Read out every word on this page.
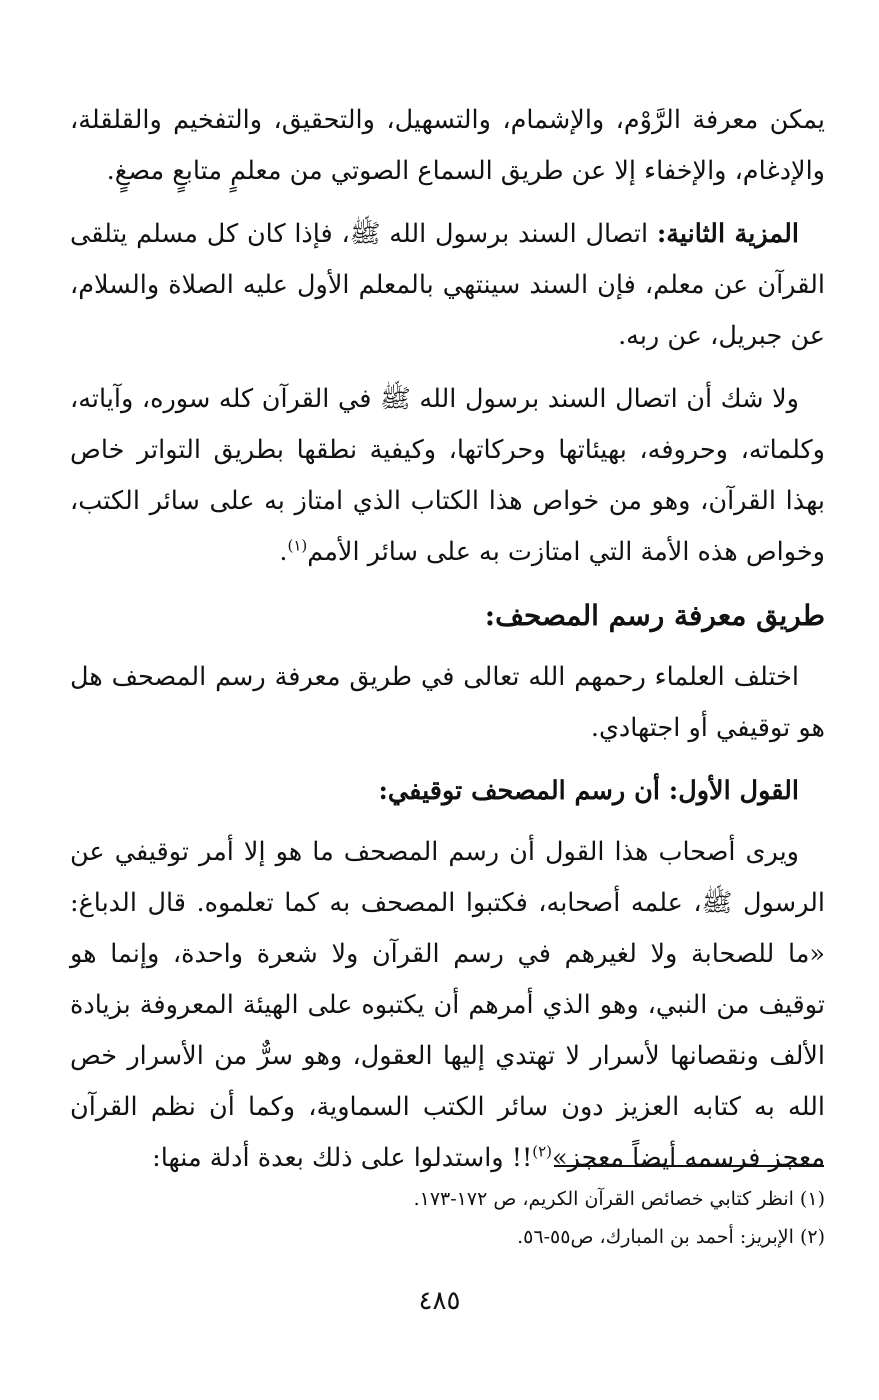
يمكن معرفة الرَّوْم، والإشمام، والتسهيل، والتحقيق، والتفخيم والقلقلة، والإدغام، والإخفاء إلا عن طريق السماع الصوتي من معلمٍ متابعٍ مصغٍ.

المزية الثانية: اتصال السند برسول الله ﷺ، فإذا كان كل مسلم يتلقى القرآن عن معلم، فإن السند سينتهي بالمعلم الأول عليه الصلاة والسلام، عن جبريل، عن ربه.

ولا شك أن اتصال السند برسول الله ﷺ في القرآن كله سوره، وآياته، وكلماته، وحروفه، بهيئاتها وحركاتها، وكيفية نطقها بطريق التواتر خاص بهذا القرآن، وهو من خواص هذا الكتاب الذي امتاز به على سائر الكتب، وخواص هذه الأمة التي امتازت به على سائر الأمم$^{(١)}$.

طريق معرفة رسم المصحف:

اختلف العلماء رحمهم الله تعالى في طريق معرفة رسم المصحف هل هو توقيفي أو اجتهادي.

القول الأول: أن رسم المصحف توقيفي:

ويرى أصحاب هذا القول أن رسم المصحف ما هو إلا أمر توقيفي عن الرسول ﷺ، علمه أصحابه، فكتبوا المصحف به كما تعلموه. قال الدباغ: «ما للصحابة ولا لغيرهم في رسم القرآن ولا شعرة واحدة، وإنما هو توقيف من النبي، وهو الذي أمرهم أن يكتبوه على الهيئة المعروفة بزيادة الألف ونقصانها لأسرار لا تهتدي إليها العقول، وهو سرٌّ من الأسرار خص الله به كتابه العزيز دون سائر الكتب السماوية، وكما أن نظم القرآن معجز فرسمه أيضاً معجز»$^{(٢)}$!! واستدلوا على ذلك بعدة أدلة منها:

(١) انظر كتابي خصائص القرآن الكريم، ص ١٧٢-١٧٣.

(٢) الإبريز: أحمد بن المبارك، ص٥٥-٥٦.

٤٨٥
